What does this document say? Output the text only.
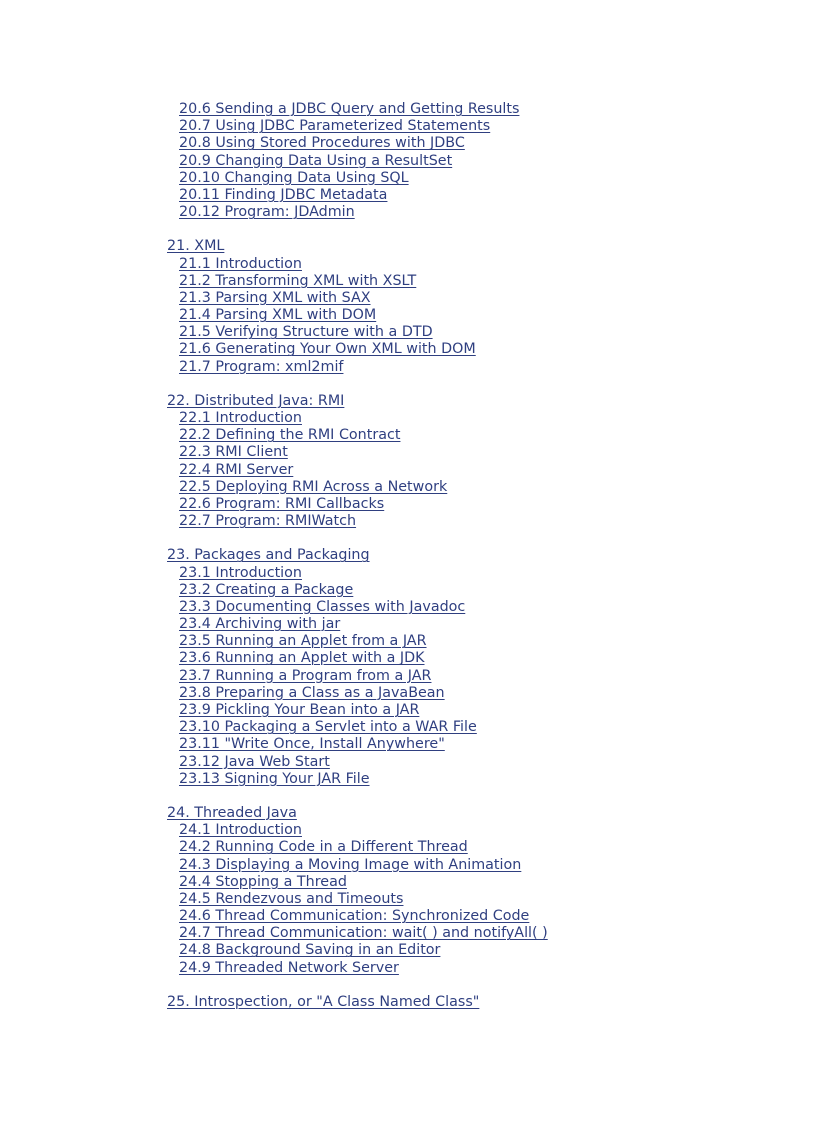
20.6 Sending a JDBC Query and Getting Results
20.7 Using JDBC Parameterized Statements
20.8 Using Stored Procedures with JDBC
20.9 Changing Data Using a ResultSet
20.10 Changing Data Using SQL
20.11 Finding JDBC Metadata
20.12 Program: JDAdmin
21. XML
21.1 Introduction
21.2 Transforming XML with XSLT
21.3 Parsing XML with SAX
21.4 Parsing XML with DOM
21.5 Verifying Structure with a DTD
21.6 Generating Your Own XML with DOM
21.7 Program: xml2mif
22. Distributed Java: RMI
22.1 Introduction
22.2 Defining the RMI Contract
22.3 RMI Client
22.4 RMI Server
22.5 Deploying RMI Across a Network
22.6 Program: RMI Callbacks
22.7 Program: RMIWatch
23. Packages and Packaging
23.1 Introduction
23.2 Creating a Package
23.3 Documenting Classes with Javadoc
23.4 Archiving with jar
23.5 Running an Applet from a JAR
23.6 Running an Applet with a JDK
23.7 Running a Program from a JAR
23.8 Preparing a Class as a JavaBean
23.9 Pickling Your Bean into a JAR
23.10 Packaging a Servlet into a WAR File
23.11 "Write Once, Install Anywhere"
23.12 Java Web Start
23.13 Signing Your JAR File
24. Threaded Java
24.1 Introduction
24.2 Running Code in a Different Thread
24.3 Displaying a Moving Image with Animation
24.4 Stopping a Thread
24.5 Rendezvous and Timeouts
24.6 Thread Communication: Synchronized Code
24.7 Thread Communication: wait( ) and notifyAll( )
24.8 Background Saving in an Editor
24.9 Threaded Network Server
25. Introspection, or "A Class Named Class"
